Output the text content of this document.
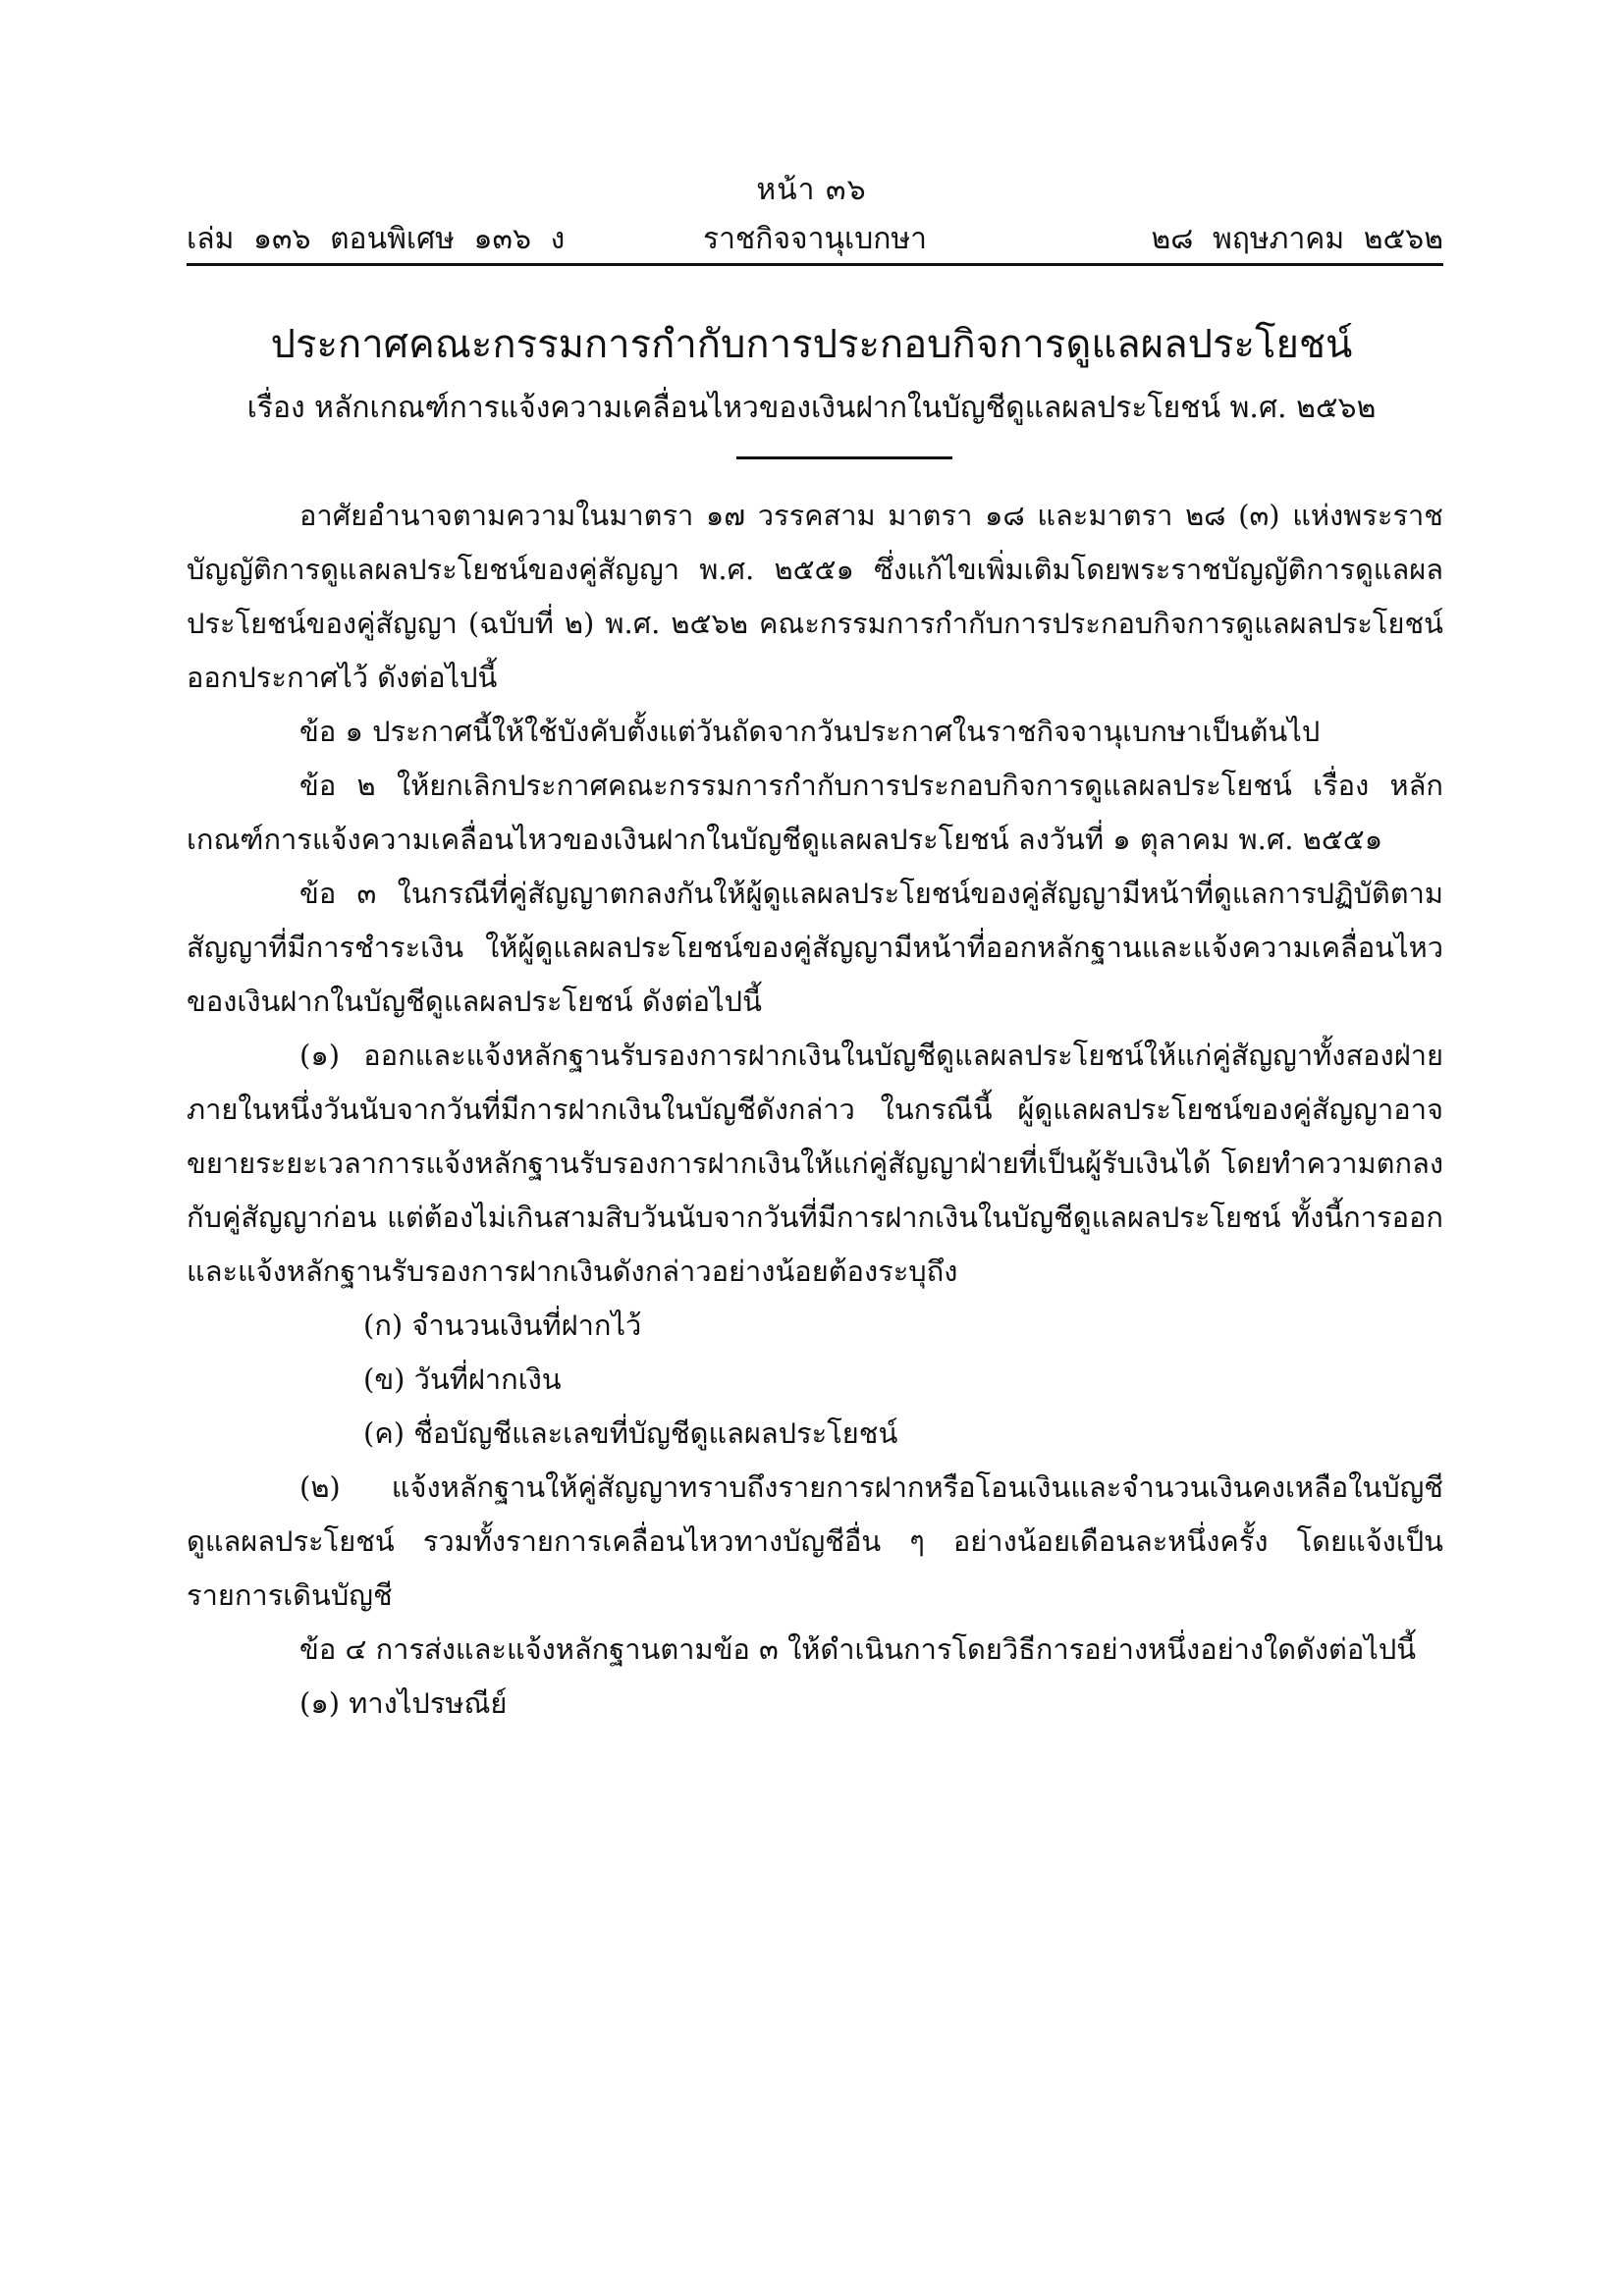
หน้า ๓๖
ราชกิจจานุเบกษา
เล่ม ๑๓๖ ตอนพิเศษ ๑๓๖ ง	๒๘ พฤษภาคม ๒๕๖๒
ประกาศคณะกรรมการกำกับการประกอบกิจการดูแลผลประโยชน์
เรื่อง หลักเกณฑ์การแจ้งความเคลื่อนไหวของเงินฝากในบัญชีดูแลผลประโยชน์ พ.ศ. ๒๕๖๒

อาศัยอำนาจตามความในมาตรา ๑๗ วรรคสาม มาตรา ๑๘ และมาตรา ๒๘ (๓) แห่งพระราชบัญญัติการดูแลผลประโยชน์ของคู่สัญญา พ.ศ. ๒๕๕๑ ซึ่งแก้ไขเพิ่มเติมโดยพระราชบัญญัติการดูแลผลประโยชน์ของคู่สัญญา (ฉบับที่ ๒) พ.ศ. ๒๕๖๒ คณะกรรมการกำกับการประกอบกิจการดูแลผลประโยชน์ออกประกาศไว้ ดังต่อไปนี้

ข้อ ๑ ประกาศนี้ให้ใช้บังคับตั้งแต่วันถัดจากวันประกาศในราชกิจจานุเบกษาเป็นต้นไป

ข้อ ๒ ให้ยกเลิกประกาศคณะกรรมการกำกับการประกอบกิจการดูแลผลประโยชน์ เรื่อง หลักเกณฑ์การแจ้งความเคลื่อนไหวของเงินฝากในบัญชีดูแลผลประโยชน์ ลงวันที่ ๑ ตุลาคม พ.ศ. ๒๕๕๑

ข้อ ๓ ในกรณีที่คู่สัญญาตกลงกันให้ผู้ดูแลผลประโยชน์ของคู่สัญญามีหน้าที่ดูแลการปฏิบัติตามสัญญาที่มีการชำระเงิน ให้ผู้ดูแลผลประโยชน์ของคู่สัญญามีหน้าที่ออกหลักฐานและแจ้งความเคลื่อนไหวของเงินฝากในบัญชีดูแลผลประโยชน์ ดังต่อไปนี้

(๑) ออกและแจ้งหลักฐานรับรองการฝากเงินในบัญชีดูแลผลประโยชน์ให้แก่คู่สัญญาทั้งสองฝ่ายภายในหนึ่งวันนับจากวันที่มีการฝากเงินในบัญชีดังกล่าว ในกรณีนี้ ผู้ดูแลผลประโยชน์ของคู่สัญญาอาจขยายระยะเวลาการแจ้งหลักฐานรับรองการฝากเงินให้แก่คู่สัญญาฝ่ายที่เป็นผู้รับเงินได้ โดยทำความตกลงกับคู่สัญญาก่อน แต่ต้องไม่เกินสามสิบวันนับจากวันที่มีการฝากเงินในบัญชีดูแลผลประโยชน์ ทั้งนี้การออกและแจ้งหลักฐานรับรองการฝากเงินดังกล่าวอย่างน้อยต้องระบุถึง

(ก) จำนวนเงินที่ฝากไว้

(ข) วันที่ฝากเงิน

(ค) ชื่อบัญชีและเลขที่บัญชีดูแลผลประโยชน์

(๒) แจ้งหลักฐานให้คู่สัญญาทราบถึงรายการฝากหรือโอนเงินและจำนวนเงินคงเหลือในบัญชีดูแลผลประโยชน์ รวมทั้งรายการเคลื่อนไหวทางบัญชีอื่น ๆ อย่างน้อยเดือนละหนึ่งครั้ง โดยแจ้งเป็นรายการเดินบัญชี

ข้อ ๔ การส่งและแจ้งหลักฐานตามข้อ ๓ ให้ดำเนินการโดยวิธีการอย่างหนึ่งอย่างใดดังต่อไปนี้

(๑) ทางไปรษณีย์
